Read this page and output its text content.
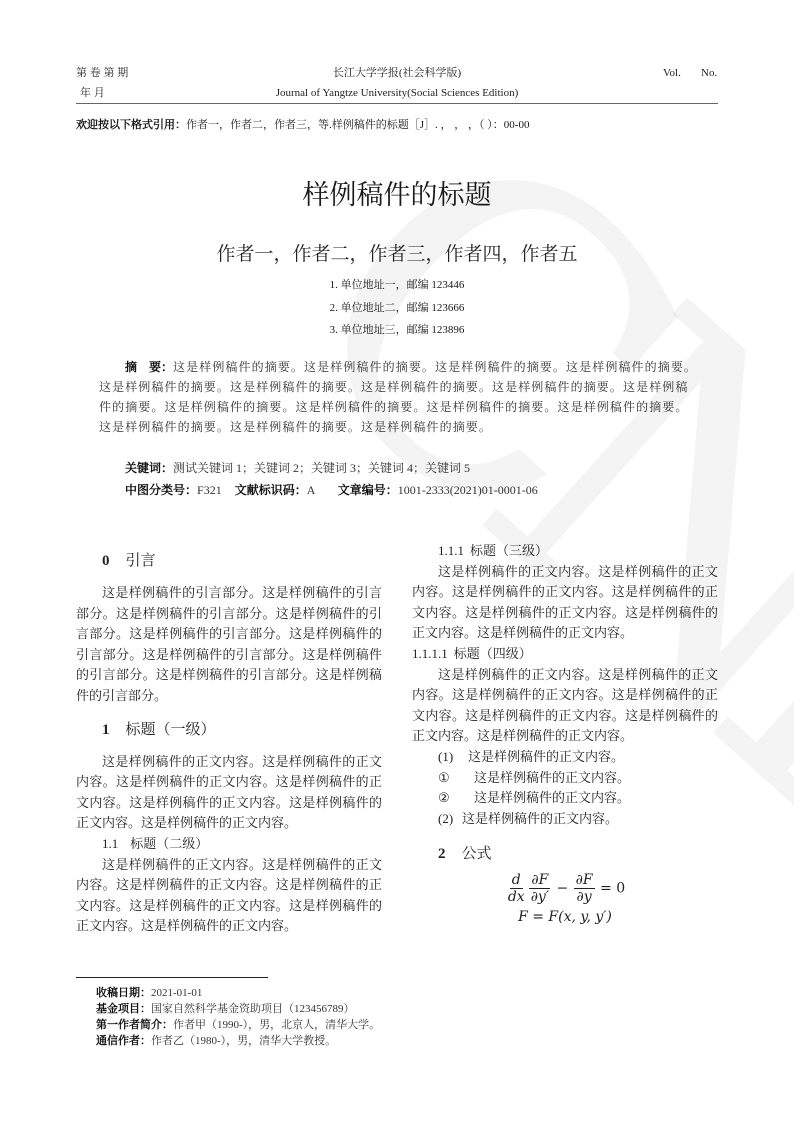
第 卷 第 期
年 月
长江大学学报(社会科学版)
Journal of Yangtze University(Social Sciences Edition)
Vol. No.
欢迎按以下格式引用：作者一，作者二，作者三，等.样例稿件的标题［J］. ， ， ，（ ）：00-00
样例稿件的标题
作者一，作者二，作者三，作者四，作者五
1. 单位地址一，邮编 123446
2. 单位地址二，邮编 123666
3. 单位地址三，邮编 123896
摘　要：这是样例稿件的摘要。这是样例稿件的摘要。这是样例稿件的摘要。这是样例稿件的摘要。这是样例稿件的摘要。这是样例稿件的摘要。这是样例稿件的摘要。这是样例稿件的摘要。这是样例稿件的摘要。这是样例稿件的摘要。这是样例稿件的摘要。这是样例稿件的摘要。这是样例稿件的摘要。这是样例稿件的摘要。这是样例稿件的摘要。这是样例稿件的摘要。
关键词：测试关键词 1；关键词 2；关键词 3；关键词 4；关键词 5
中图分类号：F321 文献标识码：A 文章编号：1001-2333(2021)01-0001-06
0 引言

这是样例稿件的引言部分。这是样例稿件的引言部分。这是样例稿件的引言部分。这是样例稿件的引言部分。这是样例稿件的引言部分。这是样例稿件的引言部分。这是样例稿件的引言部分。这是样例稿件的引言部分。这是样例稿件的引言部分。这是样例稿件的引言部分。

1 标题（一级）

这是样例稿件的正文内容。这是样例稿件的正文内容。这是样例稿件的正文内容。这是样例稿件的正文内容。这是样例稿件的正文内容。这是样例稿件的正文内容。这是样例稿件的正文内容。

1.1 标题（二级）

这是样例稿件的正文内容。这是样例稿件的正文内容。这是样例稿件的正文内容。这是样例稿件的正文内容。这是样例稿件的正文内容。这是样例稿件的正文内容。这是样例稿件的正文内容。

1.1.1 标题（三级）

这是样例稿件的正文内容。这是样例稿件的正文内容。这是样例稿件的正文内容。这是样例稿件的正文内容。这是样例稿件的正文内容。这是样例稿件的正文内容。这是样例稿件的正文内容。

1.1.1.1 标题（四级）

这是样例稿件的正文内容。这是样例稿件的正文内容。这是样例稿件的正文内容。这是样例稿件的正文内容。这是样例稿件的正文内容。这是样例稿件的正文内容。这是样例稿件的正文内容。

(1) 这是样例稿件的正文内容。
① 这是样例稿件的正文内容。
② 这是样例稿件的正文内容。
(2) 这是样例稿件的正文内容。
2 公式
$\frac{d}{dx} \frac{\partial F}{\partial y'} - \frac{\partial F}{\partial y} = 0$
F = F(x, y, y′)
收稿日期：2021-01-01
基金项目：国家自然科学基金资助项目（123456789）
第一作者简介：作者甲（1990-），男，北京人，清华大学。
通信作者：作者乙（1980-），男，清华大学教授。
